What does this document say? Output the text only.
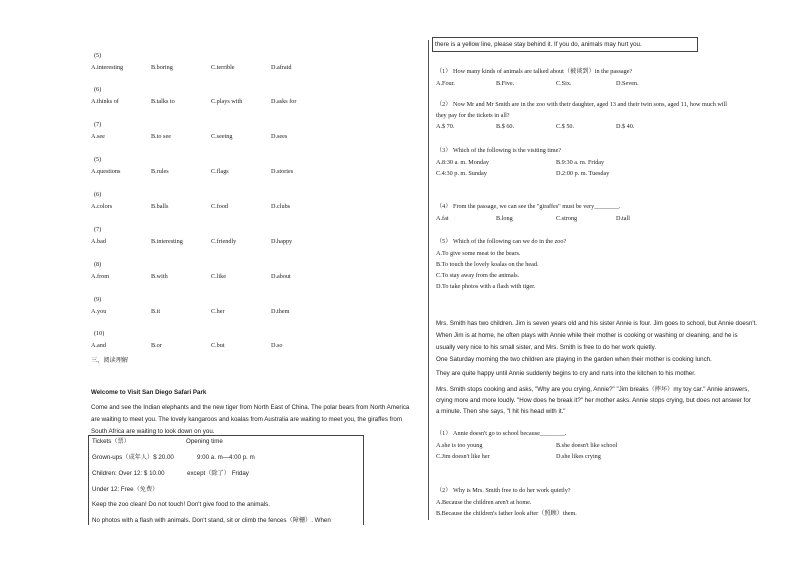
(5)
A.interesting	B.boring	C.terrible	D.afraid
(6)
A.thinks of	B.talks to	C.plays with	D.asks for
(7)
A.see	B.to see	C.seeing	D.sees
(5)
A.questions	B.rules	C.flags	D.stories
(6)
A.colors	B.balls	C.food	D.clubs
(7)
A.bad	B.interesting	C.friendly	D.happy
(8)
A.from	B.with	C.like	D.about
(9)
A.you	B.it	C.her	D.them
(10)
A.and	B.or	C.but	D.so
三、阅读理解
Welcome to Visit San Diego Safari Park
Come and see the Indian elephants and the new tiger from North East of China. The polar bears from North America
are waiting to meet you. The lovely kangaroos and koalas from Australia are waiting to meet you, the giraffes from
South Africa are waiting to look down on you.
Tickets（票）	Opening time
Grown-ups（成年人）$ 20.00	9:00 a. m—4:00 p. m
Children: Over 12: $ 10.00	except（除了） Friday
Under 12: Free（免费）
Keep the zoo clean! Do not touch! Don't give food to the animals.
No photos with a flash with animals. Don't stand, sit or climb the fences（障栅）. When
there is a yellow line, please stay behind it. If you do, animals may hurt you.
（1） How many kinds of animals are talked about（被谈到）in the passage?
A.Four.	B.Five.	C.Six.	D.Seven.
（2） Now Mr and Mr Smith are in the zoo with their daughter, aged 13 and their twin sons, aged 11, how much will
they pay for the tickets in all?
A.$ 70.	B.$ 60.	C.$ 50.	D.$ 40.
（3） Which of the following is the visiting time?
A.8:30 a. m. Monday	B.9:30 a. m. Friday
C.4:30 p. m. Sunday	D.2:00 p. m. Tuesday
（4） From the passage, we can see the "giraffes" must be very________.
A.fat	B.long	C.strong	D.tall
（5） Which of the following can we do in the zoo?
A.To give some meat to the bears.
B.To touch the lovely koalas on the head.
C.To stay away from the animals.
D.To take photos with a flash with tiger.
（1） Annie doesn't go to school because________.
A.she is too young	B.she doesn't like school
C.Jim doesn't like her	D.she likes crying
（2） Why is Mrs. Smith free to do her work quietly?
A.Because the children aren't at home.
B.Because the children's father look after（照顾）them.
Mrs. Smith has two children. Jim is seven years old and his sister Annie is four. Jim goes to school, but Annie doesn't.
When Jim is at home, he often plays with Annie while their mother is cooking or washing or cleaning, and he is
usually very nice to his small sister, and Mrs. Smith is free to do her work quietly.
One Saturday morning the two children are playing in the garden when their mother is cooking lunch.
They are quite happy until Annie suddenly begins to cry and runs into the kitchen to his mother.
Mrs. Smith stops cooking and asks, "Why are you crying, Annie?" "Jim breaks（摔坏）my toy car." Annie answers,
crying more and more loudly. "How does he break it?" her mother asks. Annie stops crying, but does not answer for
a minute. Then she says, "I hit his head with it."
